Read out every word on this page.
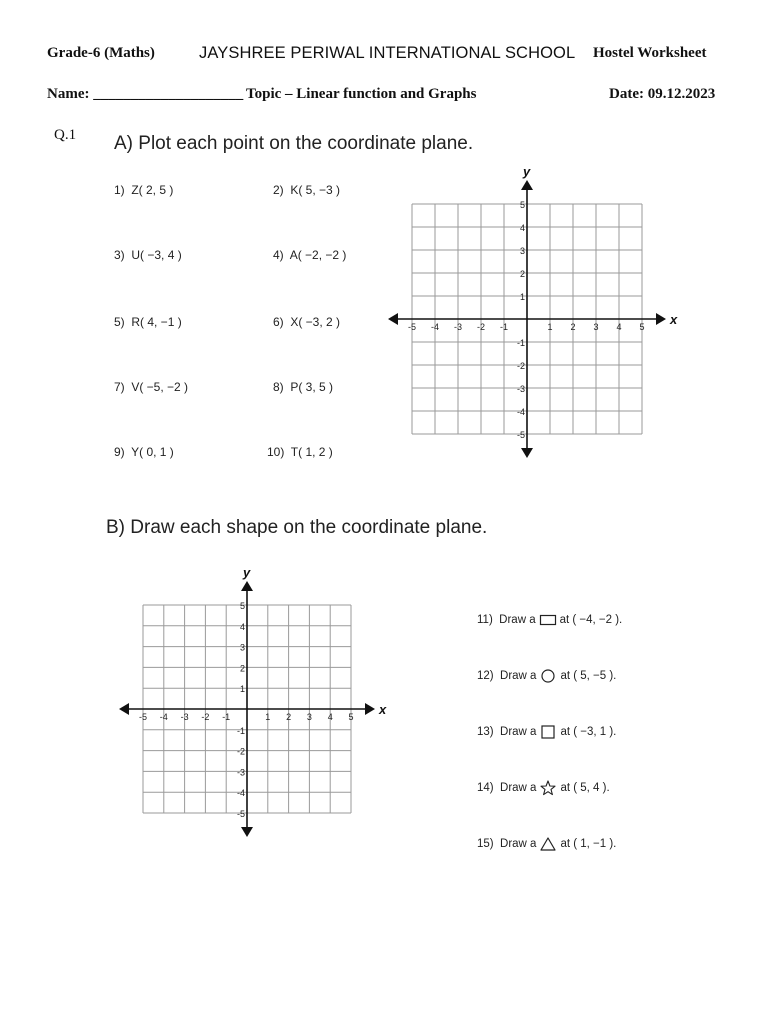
Grade-6 (Maths)	JAYSHREE PERIWAL INTERNATIONAL SCHOOL Hostel Worksheet
Name: ____________________ Topic – Linear function and Graphs	Date: 09.12.2023
Q.1 A) Plot each point on the coordinate plane.
1) Z( 2, 5 )	2) K( 5, −3 )
3) U( −3, 4 )	4) A( −2, −2 )
5) R( 4, −1 )	6) X( −3, 2 )
7) V( −5, −2 )	8) P( 3, 5 )
9) Y( 0, 1 )	10) T( 1, 2 )
x
y
-5 -4 -3 -2 -1	1 2 3 4 5
5
4
3
2
1
-1
-2
-3
-4
-5
B) Draw each shape on the coordinate plane.
x
y
-5 -4 -3 -2 -1	1 2 3 4 5
5
4
3
2
1
-1
-2
-3
-4
-5
11)
Draw a at ( −4, −2 ).
12)
Draw a at ( 5, −5 ).
13)
Draw a at ( −3, 1 ).
14)
Draw a at ( 5, 4 ).
15)
Draw a at ( 1, −1 ).
